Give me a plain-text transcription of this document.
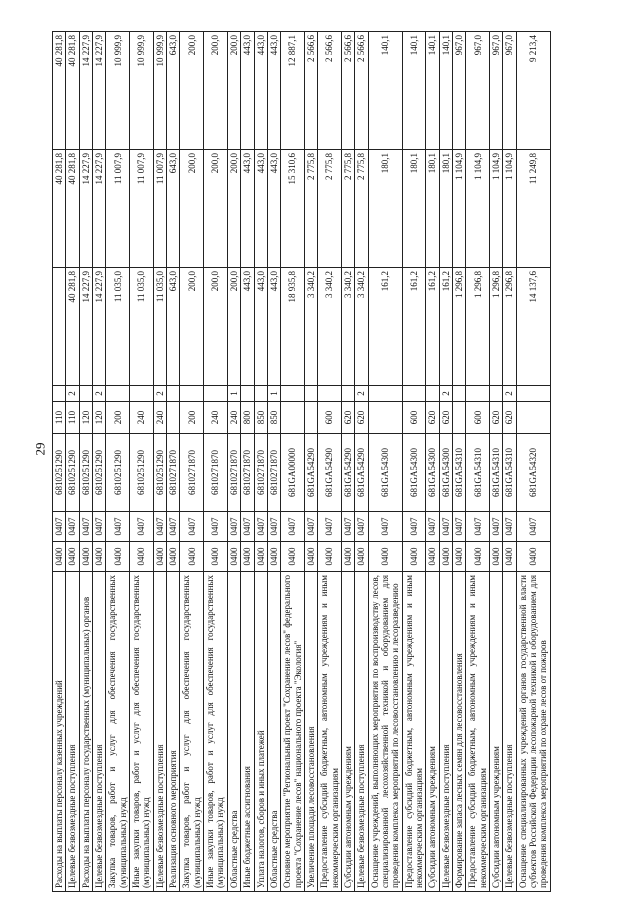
29
Расходы на выплаты персоналу казенных учреждений	0400	0407	6810251290	110			40 281,8	40 281,8
Целевые безвозмездные поступления	0400	0407	6810251290	110	2	40 281,8	40 281,8	40 281,8
Расходы на выплаты персоналу государственных (муниципальных) органов	0400	0407	6810251290	120		14 227,9	14 227,9	14 227,9
Целевые безвозмездные поступления	0400	0407	6810251290	120	2	14 227,9	14 227,9	14 227,9
Закупка товаров, работ и услуг для обеспечения государственных (муниципальных) нужд	0400	0407	6810251290	200		11 035,0	11 007,9	10 999,9
Иные закупки товаров, работ и услуг для обеспечения государственных (муниципальных) нужд	0400	0407	6810251290	240		11 035,0	11 007,9	10 999,9
Целевые безвозмездные поступления	0400	0407	6810251290	240	2	11 035,0	11 007,9	10 999,9
Реализация основного мероприятия	0400	0407	6810271870			643,0	643,0	643,0
Закупка товаров, работ и услуг для обеспечения государственных (муниципальных) нужд	0400	0407	6810271870	200		200,0	200,0	200,0
Иные закупки товаров, работ и услуг для обеспечения государственных (муниципальных) нужд	0400	0407	6810271870	240		200,0	200,0	200,0
Областные средства	0400	0407	6810271870	240	1	200,0	200,0	200,0
Иные бюджетные ассигнования	0400	0407	6810271870	800		443,0	443,0	443,0
Уплата налогов, сборов и иных платежей	0400	0407	6810271870	850		443,0	443,0	443,0
Областные средства	0400	0407	6810271870	850	1	443,0	443,0	443,0
Основное мероприятие "Региональный проект "Сохранение лесов" федерального проекта "Сохранение лесов" национального проекта "Экология"	0400	0407	681GA00000			18 935,8	15 310,6	12 887,1
Увеличение площади лесовосстановления	0400	0407	681GA54290			3 340,2	2 775,8	2 566,6
Предоставление субсидий бюджетным, автономным учреждениям и иным некоммерческим организациям	0400	0407	681GA54290	600		3 340,2	2 775,8	2 566,6
Субсидии автономным учреждениям	0400	0407	681GA54290	620		3 340,2	2 775,8	2 566,6
Целевые безвозмездные поступления	0400	0407	681GA54290	620	2	3 340,2	2 775,8	2 566,6
Оснащение учреждений, выполняющих мероприятия по воспроизводству лесов, специализированной лесохозяйственной техникой и оборудованием для проведения комплекса мероприятий по лесовосстановлению и лесоразведению	0400	0407	681GA54300			161,2	180,1	140,1
Предоставление субсидий бюджетным, автономным учреждениям и иным некоммерческим организациям	0400	0407	681GA54300	600		161,2	180,1	140,1
Субсидии автономным учреждениям	0400	0407	681GA54300	620		161,2	180,1	140,1
Целевые безвозмездные поступления	0400	0407	681GA54300	620	2	161,2	180,1	140,1
Формирование запаса лесных семян для лесовосстановления	0400	0407	681GA54310			1 296,8	1 104,9	967,0
Предоставление субсидий бюджетным, автономным учреждениям и иным некоммерческим организациям	0400	0407	681GA54310	600		1 296,8	1 104,9	967,0
Субсидии автономным учреждениям	0400	0407	681GA54310	620		1 296,8	1 104,9	967,0
Целевые безвозмездные поступления	0400	0407	681GA54310	620	2	1 296,8	1 104,9	967,0
Оснащение специализированных учреждений органов государственной власти субъектов Российской Федерации лесопожарной техникой и оборудованием для проведения комплекса мероприятий по охране лесов от пожаров	0400	0407	681GA54320			14 137,6	11 249,8	9 213,4
